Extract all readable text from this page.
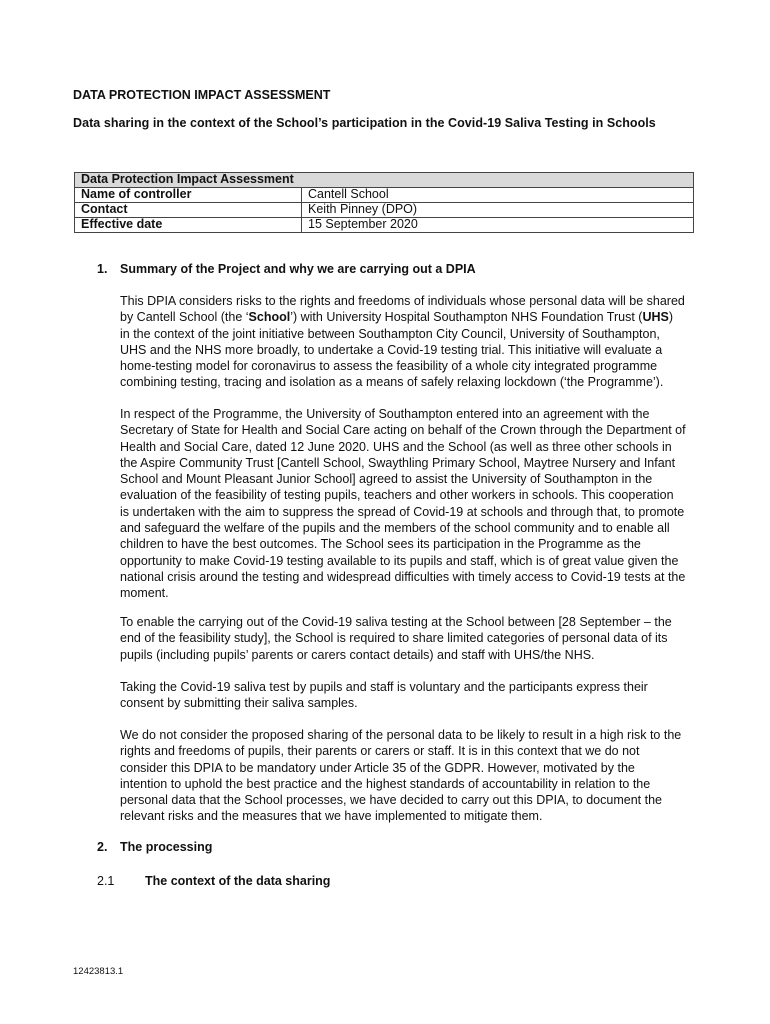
DATA PROTECTION IMPACT ASSESSMENT
Data sharing in the context of the School’s participation in the Covid-19 Saliva Testing in Schools
Data Protection Impact Assessment	
Name of controller	Cantell School
Contact	Keith Pinney (DPO)
Effective date	15 September 2020
1. Summary of the Project and why we are carrying out a DPIA
This DPIA considers risks to the rights and freedoms of individuals whose personal data will be shared
by Cantell School (the ‘School’) with University Hospital Southampton NHS Foundation Trust (UHS)
in the context of the joint initiative between Southampton City Council, University of Southampton,
UHS and the NHS more broadly, to undertake a Covid-19 testing trial. This initiative will evaluate a
home-testing model for coronavirus to assess the feasibility of a whole city integrated programme
combining testing, tracing and isolation as a means of safely relaxing lockdown (‘the Programme’).
In respect of the Programme, the University of Southampton entered into an agreement with the
Secretary of State for Health and Social Care acting on behalf of the Crown through the Department of
Health and Social Care, dated 12 June 2020. UHS and the School (as well as three other schools in
the Aspire Community Trust [Cantell School, Swaythling Primary School, Maytree Nursery and Infant
School and Mount Pleasant Junior School] agreed to assist the University of Southampton in the
evaluation of the feasibility of testing pupils, teachers and other workers in schools. This cooperation
is undertaken with the aim to suppress the spread of Covid-19 at schools and through that, to promote
and safeguard the welfare of the pupils and the members of the school community and to enable all
children to have the best outcomes. The School sees its participation in the Programme as the
opportunity to make Covid-19 testing available to its pupils and staff, which is of great value given the
national crisis around the testing and widespread difficulties with timely access to Covid-19 tests at the
moment.
To enable the carrying out of the Covid-19 saliva testing at the School between [28 September – the
end of the feasibility study], the School is required to share limited categories of personal data of its
pupils (including pupils’ parents or carers contact details) and staff with UHS/the NHS.
Taking the Covid-19 saliva test by pupils and staff is voluntary and the participants express their
consent by submitting their saliva samples.
We do not consider the proposed sharing of the personal data to be likely to result in a high risk to the
rights and freedoms of pupils, their parents or carers or staff. It is in this context that we do not
consider this DPIA to be mandatory under Article 35 of the GDPR. However, motivated by the
intention to uphold the best practice and the highest standards of accountability in relation to the
personal data that the School processes, we have decided to carry out this DPIA, to document the
relevant risks and the measures that we have implemented to mitigate them.
2. The processing
2.1 The context of the data sharing
12423813.1
